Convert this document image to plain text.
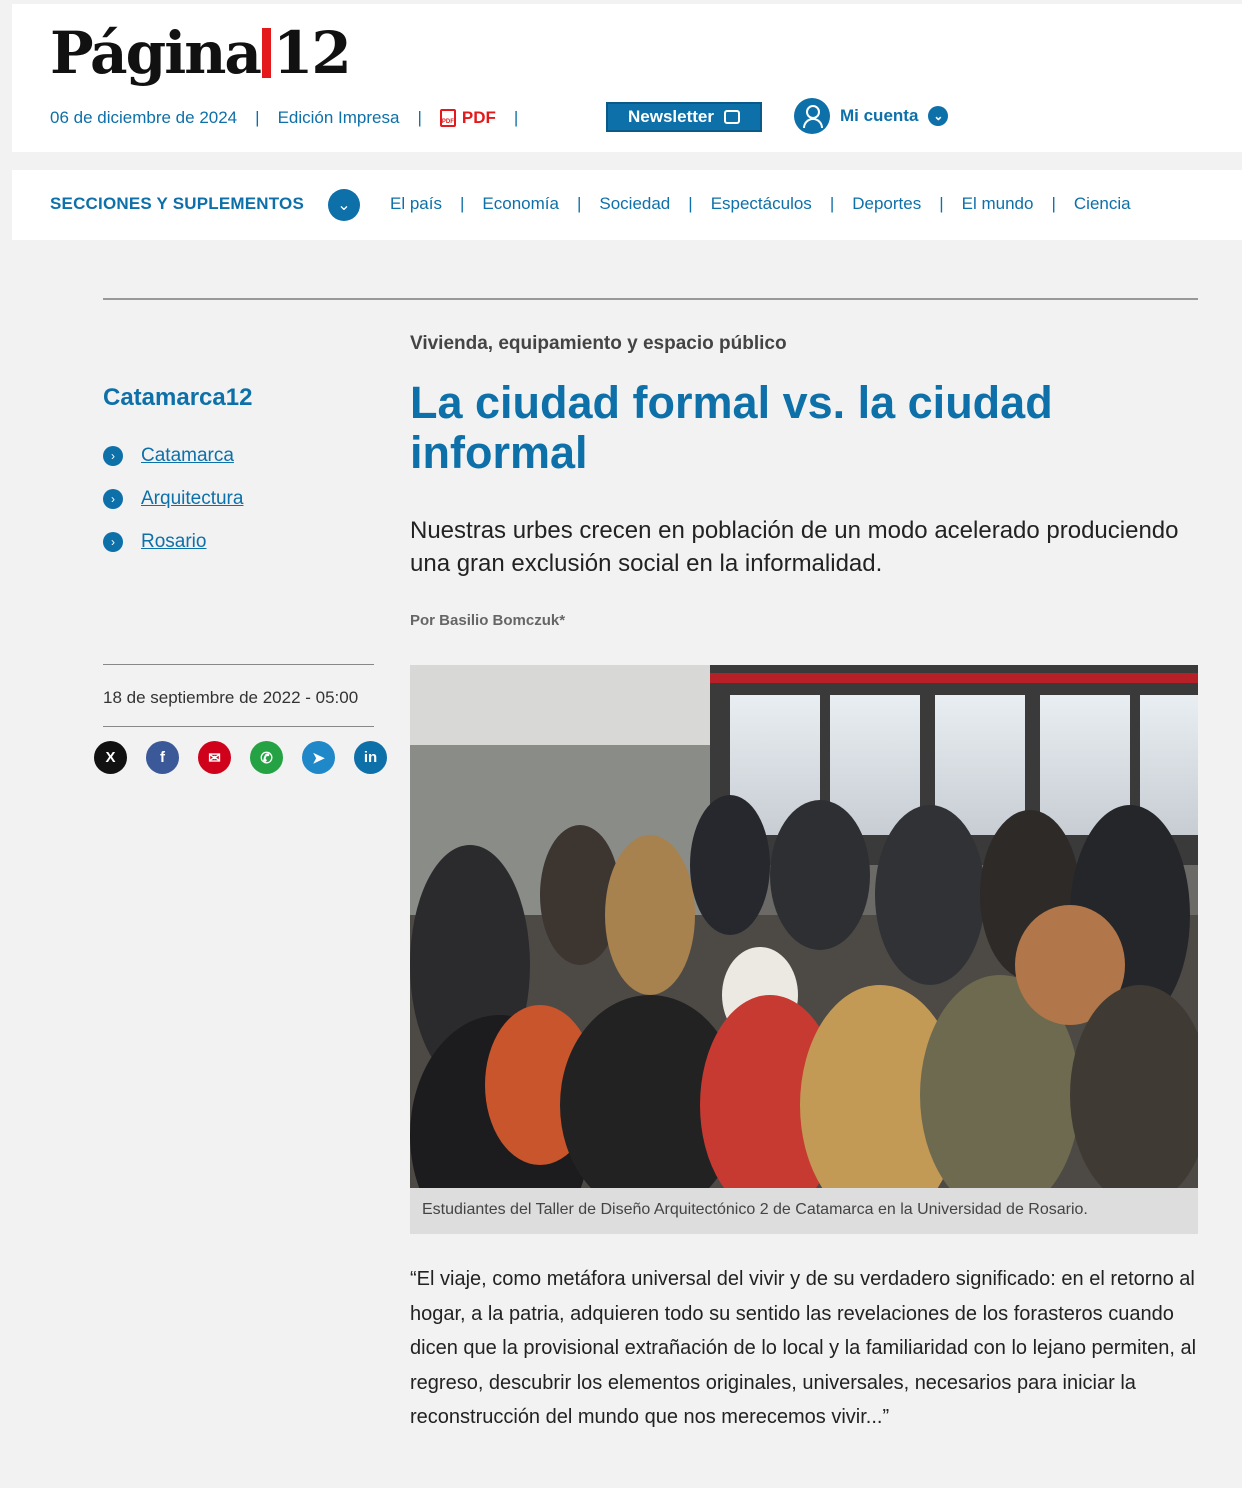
Página 12
06 de diciembre de 2024 | Edición Impresa |	PDF PDF |	Newsletter	Mi cuenta	⌄
SECCIONES Y SUPLEMENTOS	⌄	El país | Economía | Sociedad | Espectáculos | Deportes | El mundo | Ciencia
Catamarca12
›	Catamarca
›	Arquitectura
›	Rosario
18 de septiembre de 2022 - 05:00
X	f	✉	✆	➤	in
Vivienda, equipamiento y espacio público
La ciudad formal vs. la ciudad informal

Nuestras urbes crecen en población de un modo acelerado produciendo una gran exclusión social en la informalidad.

Por Basilio Bomczuk*
Estudiantes del Taller de Diseño Arquitectónico 2 de Catamarca en la Universidad de Rosario.

“El viaje, como metáfora universal del vivir y de su verdadero significado: en el retorno al hogar, a la patria, adquieren todo su sentido las revelaciones de los forasteros cuando dicen que la provisional extrañación de lo local y la familiaridad con lo lejano permiten, al regreso, descubrir los elementos originales, universales, necesarios para iniciar la reconstrucción del mundo que nos merecemos vivir...”
